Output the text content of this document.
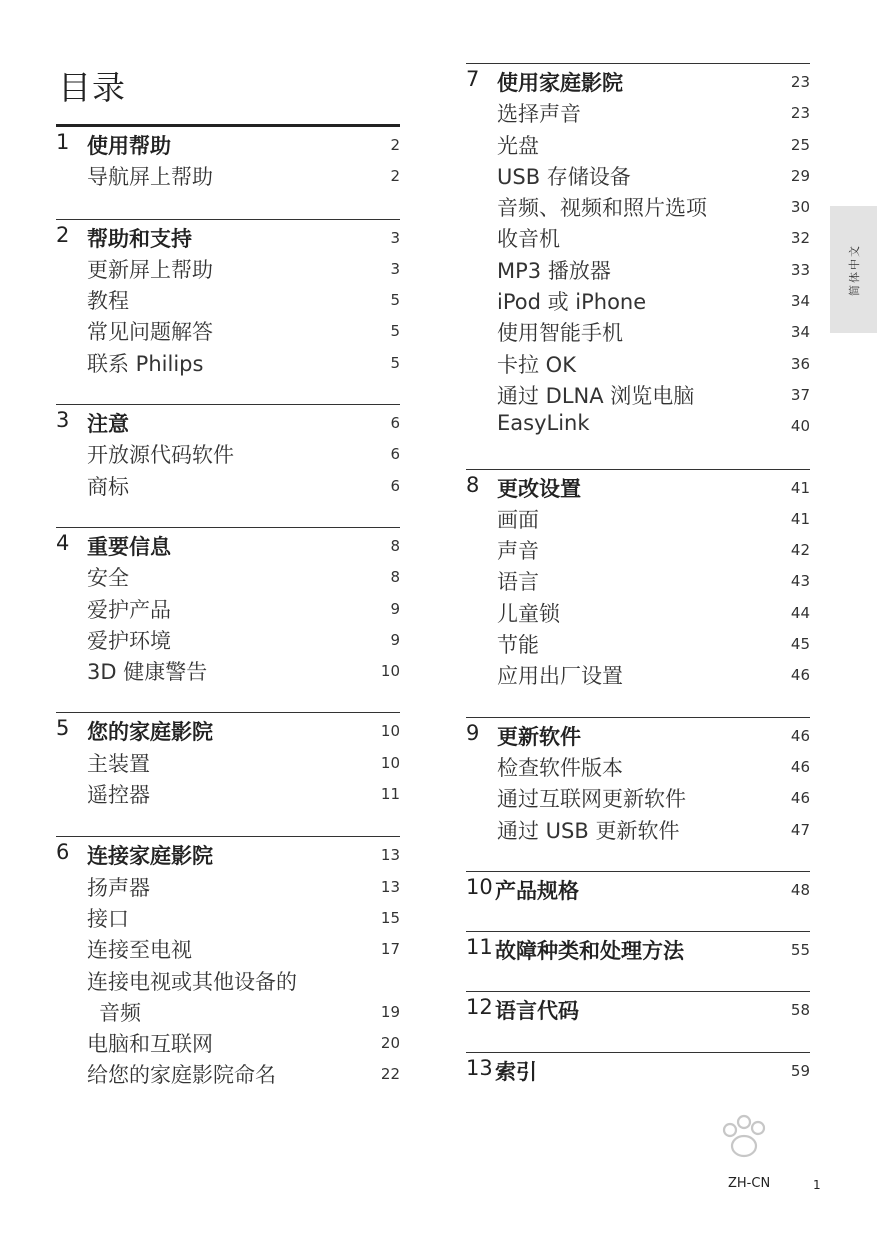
目录
1 使用帮助	2
导航屏上帮助	2
2 帮助和支持	3
更新屏上帮助	3
教程	5
常见问题解答	5
联系 Philips	5
3 注意	6
开放源代码软件	6
商标	6
4 重要信息	8
安全	8
爱护产品	9
爱护环境	9
3D 健康警告	10
5 您的家庭影院	10
主装置	10
遥控器	11
6 连接家庭影院	13
扬声器	13
接口	15
连接至电视	17
连接电视或其他设备的
音频	19
电脑和互联网	20
给您的家庭影院命名	22
7 使用家庭影院	23
选择声音	23
光盘	25
USB 存储设备	29
音频、视频和照片选项	30
收音机	32
MP3 播放器	33
iPod 或 iPhone	34
使用智能手机	34
卡拉 OK	36
通过 DLNA 浏览电脑	37
EasyLink	40
8 更改设置	41
画面	41
声音	42
语言	43
儿童锁	44
节能	45
应用出厂设置	46
9 更新软件	46
检查软件版本	46
通过互联网更新软件	46
通过 USB 更新软件	47
10 产品规格	48
11 故障种类和处理方法	55
12 语言代码	58
13 索引	59
简体中文
ZH-CN	1
